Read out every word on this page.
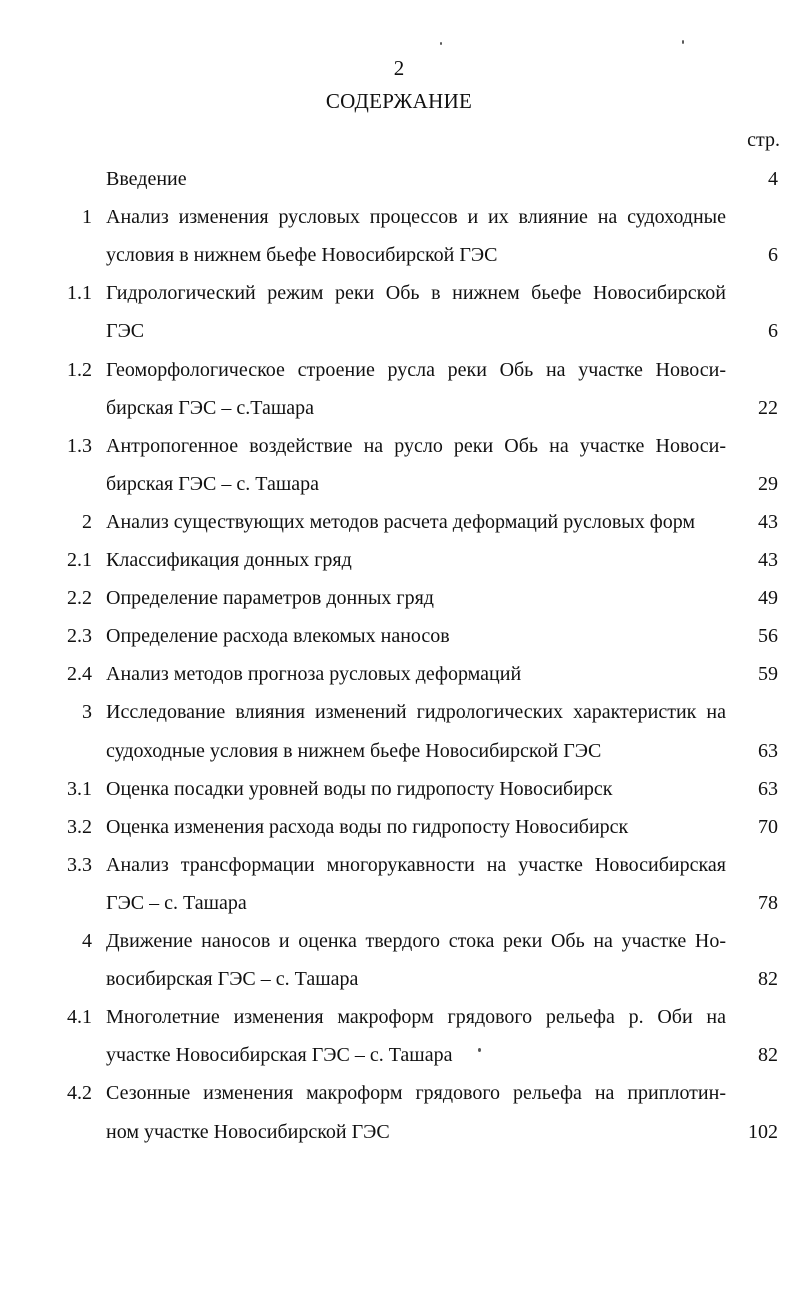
2
СОДЕРЖАНИЕ
стр.
Введение	4
1 Анализ изменения русловых процессов и их влияние на судоходные
условия в нижнем бьефе Новосибирской ГЭС	6
1.1 Гидрологический режим реки Обь в нижнем бьефе Новосибирской
ГЭС	6
1.2 Геоморфологическое строение русла реки Обь на участке Новоси-
бирская ГЭС – с.Ташара	22
1.3 Антропогенное воздействие на русло реки Обь на участке Новоси-
бирская ГЭС – с. Ташара	29
2 Анализ существующих методов расчета деформаций русловых форм	43
2.1 Классификация донных гряд	43
2.2 Определение параметров донных гряд	49
2.3 Определение расхода влекомых наносов	56
2.4 Анализ методов прогноза русловых деформаций	59
3 Исследование влияния изменений гидрологических характеристик на
судоходные условия в нижнем бьефе Новосибирской ГЭС	63
3.1 Оценка посадки уровней воды по гидропосту Новосибирск	63
3.2 Оценка изменения расхода воды по гидропосту Новосибирск	70
3.3 Анализ трансформации многорукавности на участке Новосибирская
ГЭС – с. Ташара	78
4 Движение наносов и оценка твердого стока реки Обь на участке Но-
восибирская ГЭС – с. Ташара	82
4.1 Многолетние изменения макроформ грядового рельефа р. Оби на
участке Новосибирская ГЭС – с. Ташара	82
4.2 Сезонные изменения макроформ грядового рельефа на приплотин-
ном участке Новосибирской ГЭС	102
